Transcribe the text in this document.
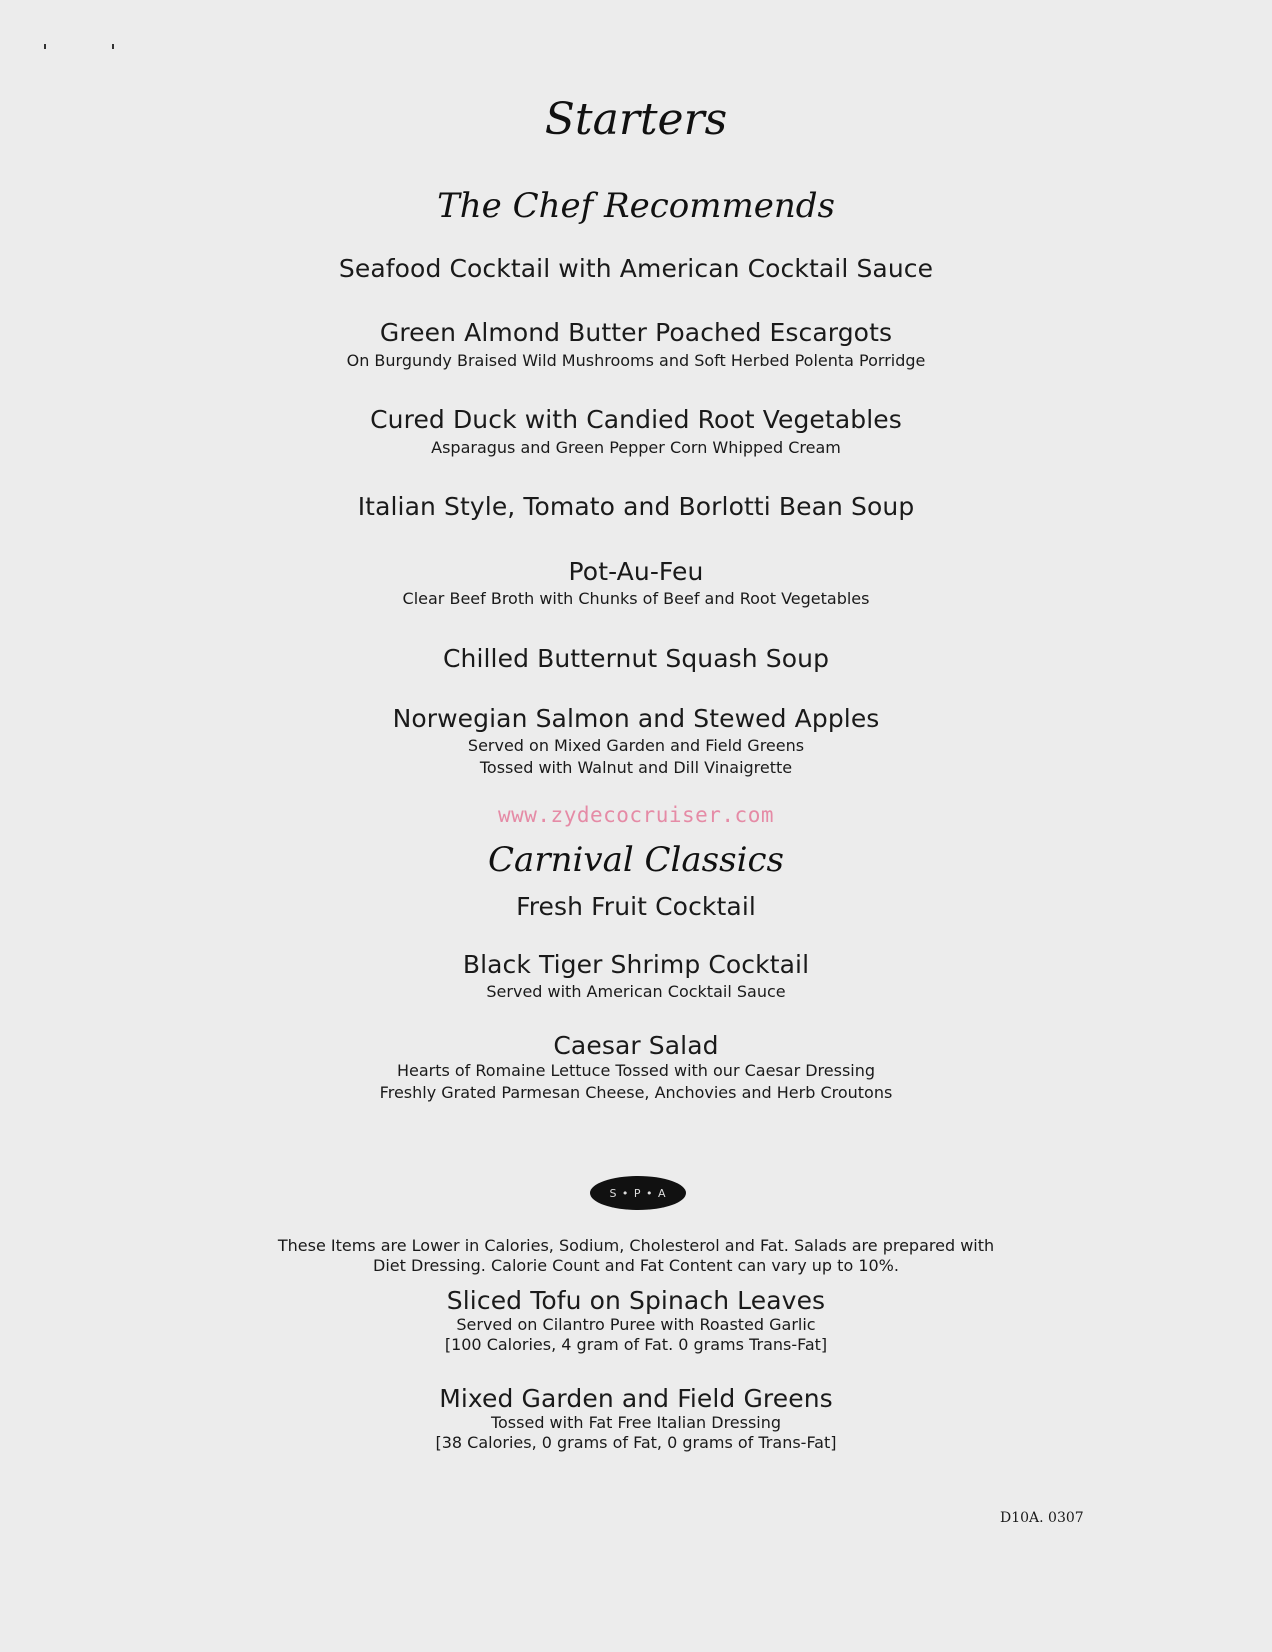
Starters
The Chef Recommends
Seafood Cocktail with American Cocktail Sauce
Green Almond Butter Poached Escargots
On Burgundy Braised Wild Mushrooms and Soft Herbed Polenta Porridge
Cured Duck with Candied Root Vegetables
Asparagus and Green Pepper Corn Whipped Cream
Italian Style, Tomato and Borlotti Bean Soup
Pot-Au-Feu
Clear Beef Broth with Chunks of Beef and Root Vegetables
Chilled Butternut Squash Soup
Norwegian Salmon and Stewed Apples
Served on Mixed Garden and Field Greens
Tossed with Walnut and Dill Vinaigrette
www.zydecocruiser.com
Carnival Classics
Fresh Fruit Cocktail
Black Tiger Shrimp Cocktail
Served with American Cocktail Sauce
Caesar Salad
Hearts of Romaine Lettuce Tossed with our Caesar Dressing
Freshly Grated Parmesan Cheese, Anchovies and Herb Croutons
S • P • A
These Items are Lower in Calories, Sodium, Cholesterol and Fat. Salads are prepared with
Diet Dressing. Calorie Count and Fat Content can vary up to 10%.
Sliced Tofu on Spinach Leaves
Served on Cilantro Puree with Roasted Garlic
[100 Calories, 4 gram of Fat. 0 grams Trans-Fat]
Mixed Garden and Field Greens
Tossed with Fat Free Italian Dressing
[38 Calories, 0 grams of Fat, 0 grams of Trans-Fat]
D10A. 0307
